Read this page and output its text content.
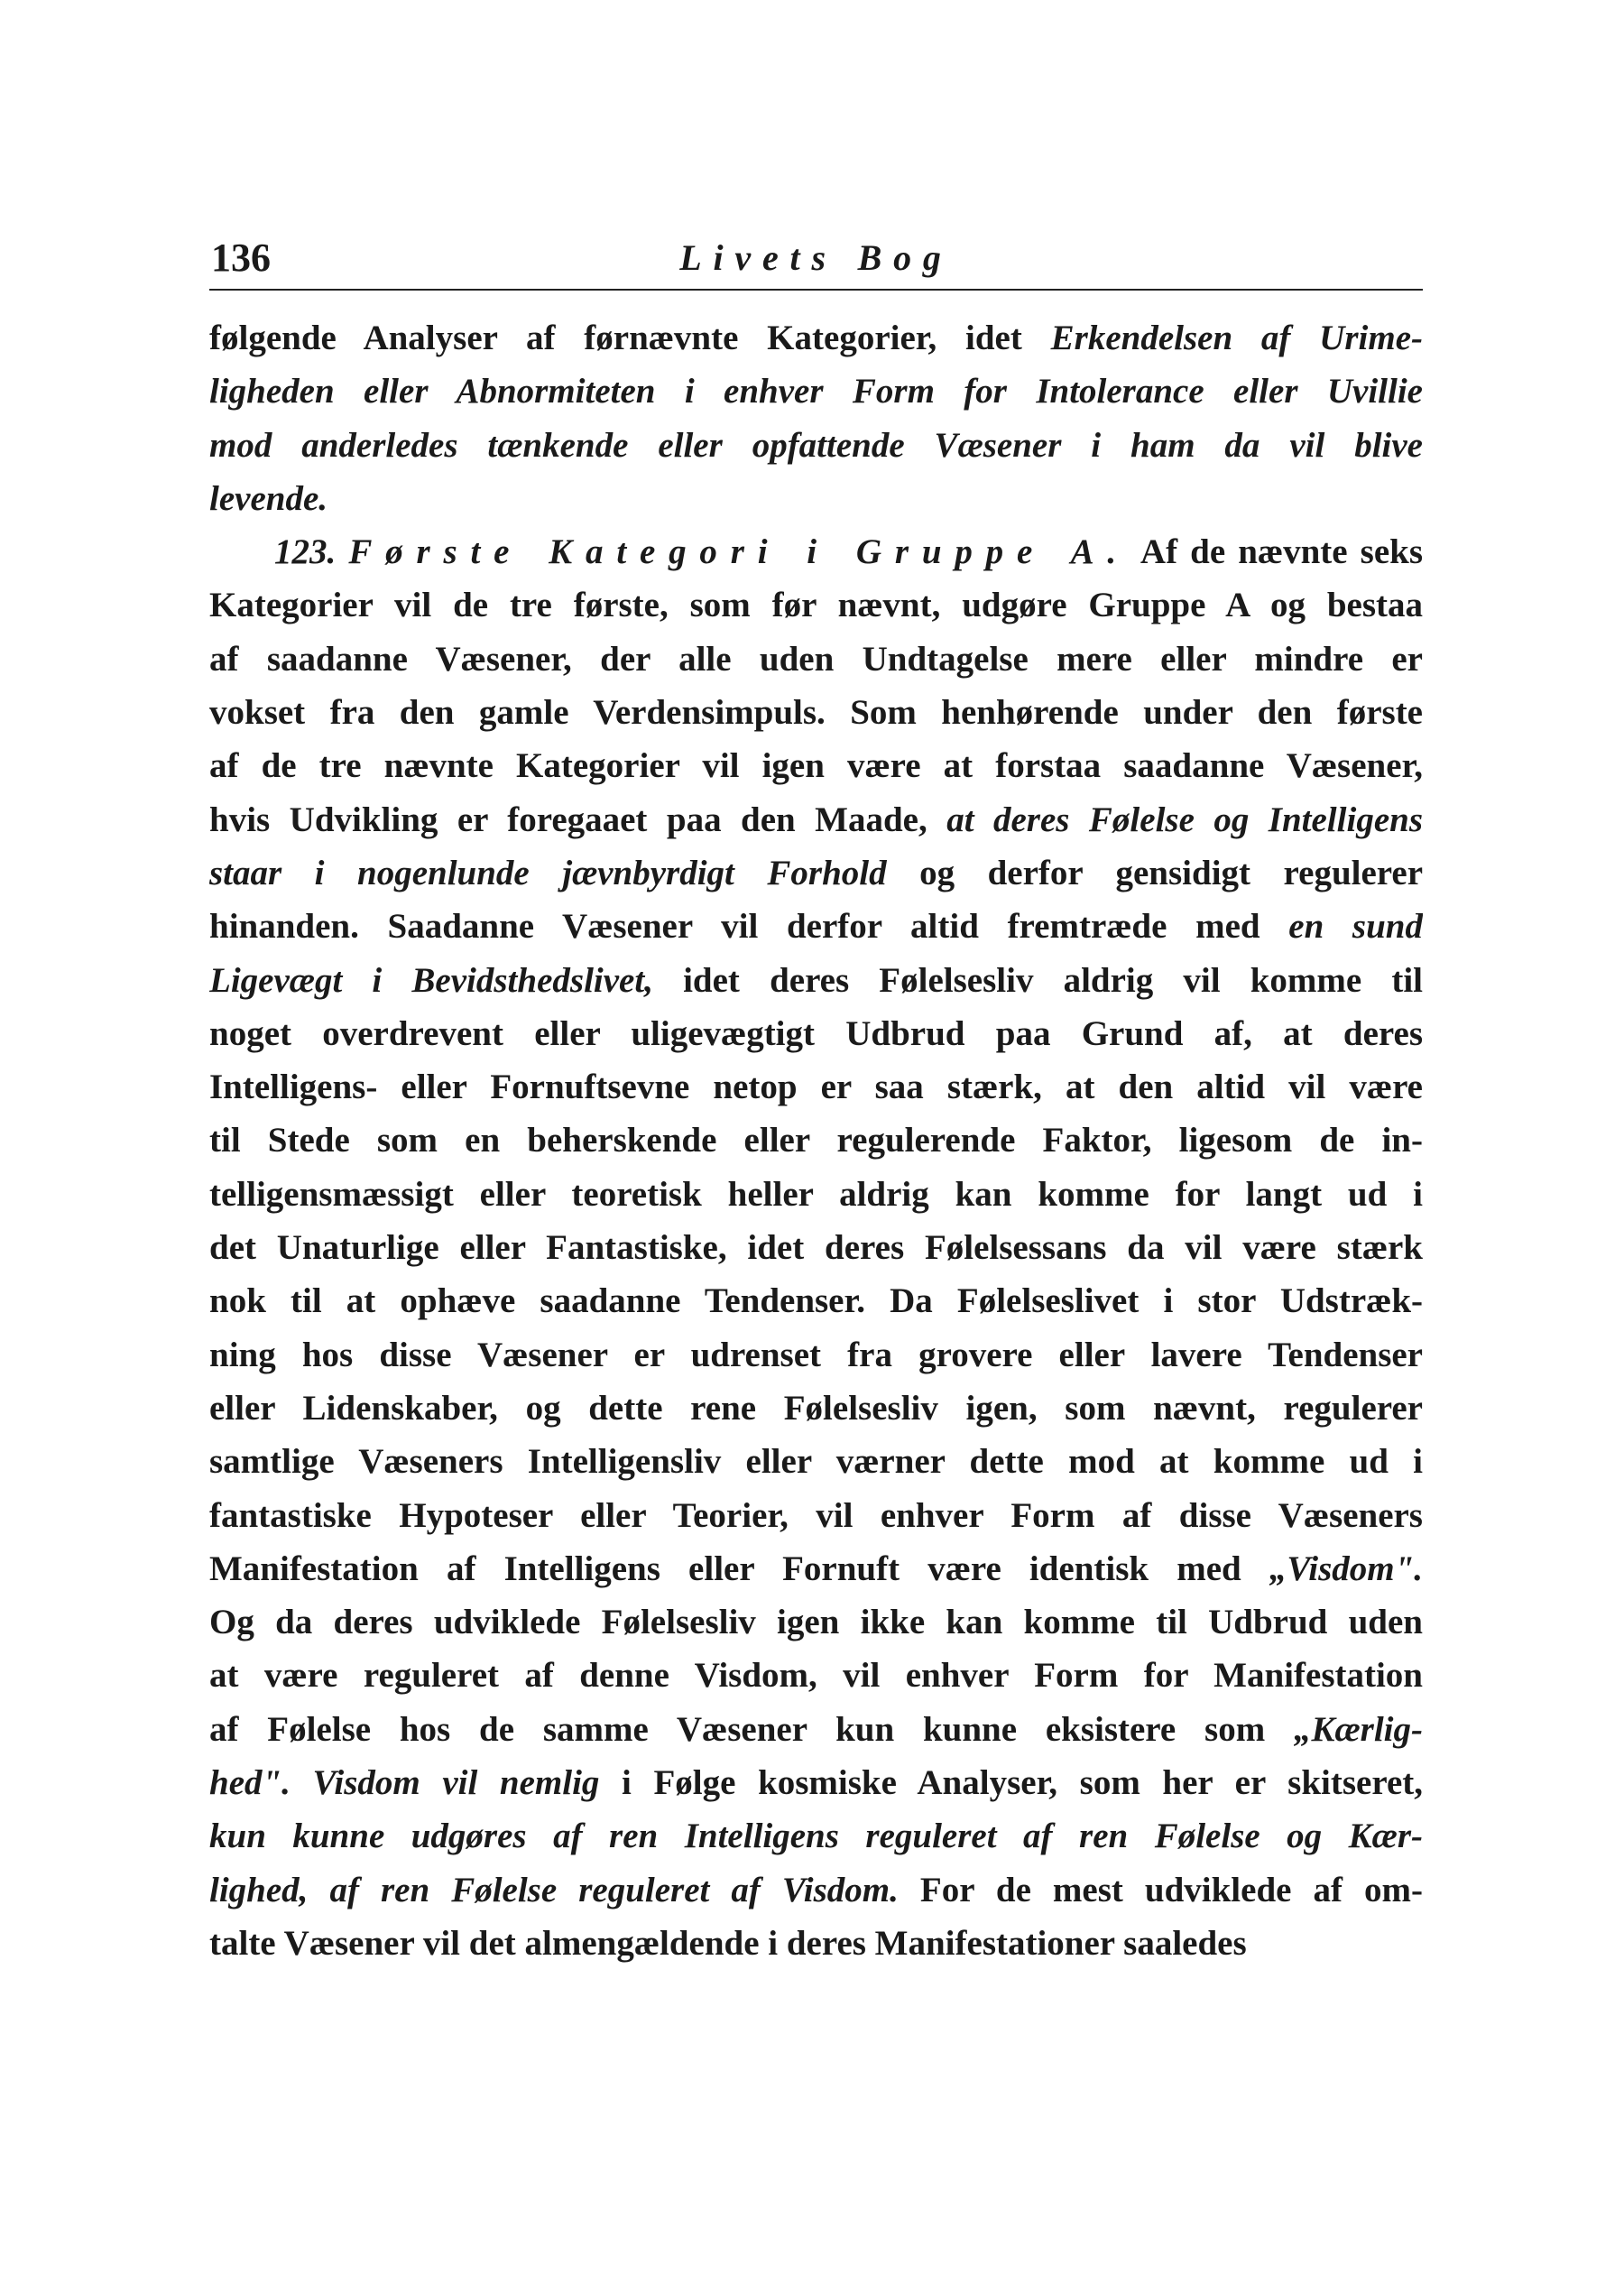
136	Livets Bog
følgende Analyser af førnævnte Kategorier, idet Erkendelsen af Urime-
ligheden eller Abnormiteten i enhver Form for Intolerance eller Uvillie
mod anderledes tænkende eller opfattende Væsener i ham da vil blive
levende.
123. Første Kategori i Gruppe A. Af de nævnte seks
Kategorier vil de tre første, som før nævnt, udgøre Gruppe A og bestaa
af saadanne Væsener, der alle uden Undtagelse mere eller mindre er
vokset fra den gamle Verdensimpuls. Som henhørende under den første
af de tre nævnte Kategorier vil igen være at forstaa saadanne Væsener,
hvis Udvikling er foregaaet paa den Maade, at deres Følelse og Intelligens
staar i nogenlunde jævnbyrdigt Forhold og derfor gensidigt regulerer
hinanden. Saadanne Væsener vil derfor altid fremtræde med en sund
Ligevægt i Bevidsthedslivet, idet deres Følelsesliv aldrig vil komme til
noget overdrevent eller uligevægtigt Udbrud paa Grund af, at deres
Intelligens- eller Fornuftsevne netop er saa stærk, at den altid vil være
til Stede som en beherskende eller regulerende Faktor, ligesom de in-
telligensmæssigt eller teoretisk heller aldrig kan komme for langt ud i
det Unaturlige eller Fantastiske, idet deres Følelsessans da vil være stærk
nok til at ophæve saadanne Tendenser. Da Følelseslivet i stor Udstræk-
ning hos disse Væsener er udrenset fra grovere eller lavere Tendenser
eller Lidenskaber, og dette rene Følelsesliv igen, som nævnt, regulerer
samtlige Væseners Intelligensliv eller værner dette mod at komme ud i
fantastiske Hypoteser eller Teorier, vil enhver Form af disse Væseners
Manifestation af Intelligens eller Fornuft være identisk med „Visdom".
Og da deres udviklede Følelsesliv igen ikke kan komme til Udbrud uden
at være reguleret af denne Visdom, vil enhver Form for Manifestation
af Følelse hos de samme Væsener kun kunne eksistere som „Kærlig-
hed". Visdom vil nemlig i Følge kosmiske Analyser, som her er skitseret,
kun kunne udgøres af ren Intelligens reguleret af ren Følelse og Kær-
lighed, af ren Følelse reguleret af Visdom. For de mest udviklede af om-
talte Væsener vil det almengældende i deres Manifestationer saaledes
